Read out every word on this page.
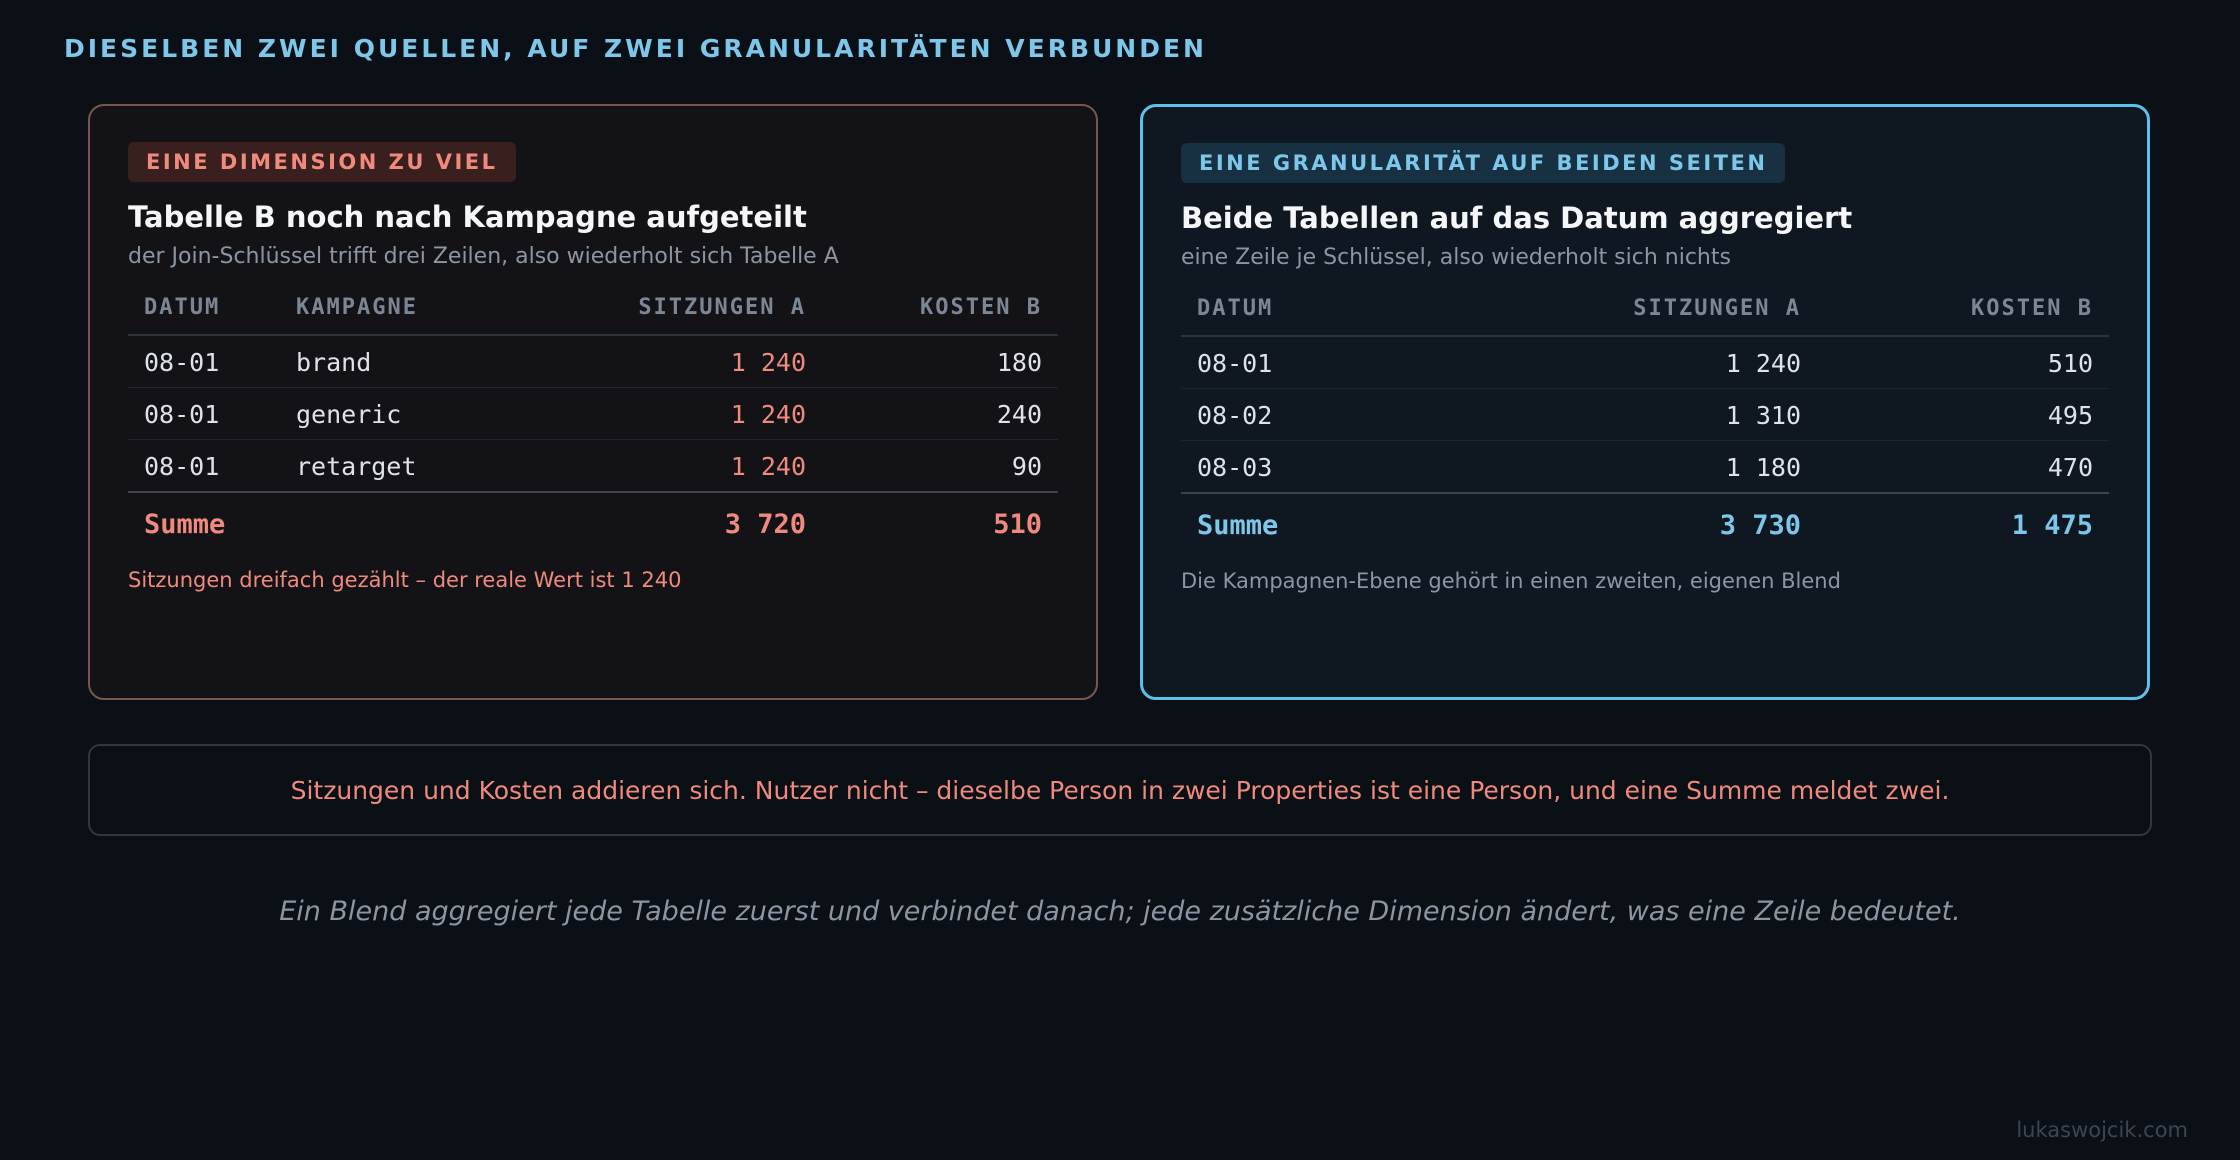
DIESELBEN ZWEI QUELLEN, AUF ZWEI GRANULARITÄTEN VERBUNDEN
EINE DIMENSION ZU VIEL
Tabelle B noch nach Kampagne aufgeteilt
der Join-Schlüssel trifft drei Zeilen, also wiederholt sich Tabelle A
DATUM	KAMPAGNE	SITZUNGEN A	KOSTEN B
08-01	brand	1 240	180
08-01	generic	1 240	240
08-01	retarget	1 240	90
Summe		3 720	510
Sitzungen dreifach gezählt – der reale Wert ist 1 240
EINE GRANULARITÄT AUF BEIDEN SEITEN
Beide Tabellen auf das Datum aggregiert
eine Zeile je Schlüssel, also wiederholt sich nichts
DATUM	SITZUNGEN A	KOSTEN B
08-01	1 240	510
08-02	1 310	495
08-03	1 180	470
Summe	3 730	1 475
Die Kampagnen-Ebene gehört in einen zweiten, eigenen Blend
Sitzungen und Kosten addieren sich. Nutzer nicht – dieselbe Person in zwei Properties ist eine Person, und eine Summe meldet zwei.
Ein Blend aggregiert jede Tabelle zuerst und verbindet danach; jede zusätzliche Dimension ändert, was eine Zeile bedeutet.
lukaswojcik.com
